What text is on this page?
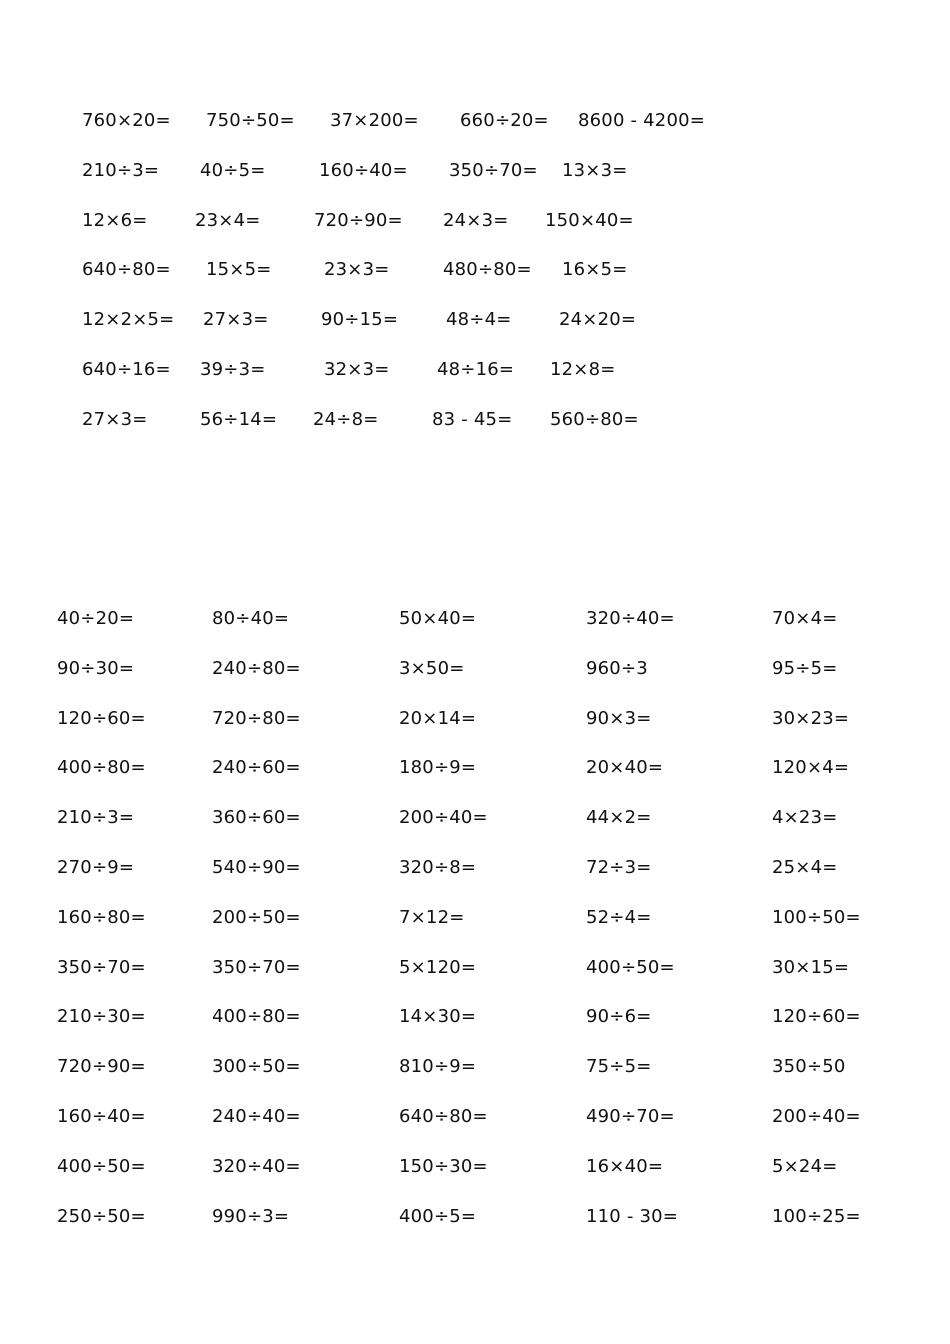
760×20= 750÷50= 37×200= 660÷20= 8600 - 4200=
210÷3= 40÷5=	160÷40= 350÷70= 13×3=
12×6=	23×4=	720÷90= 24×3= 150×40=
640÷80= 15×5=	23×3=	480÷80= 16×5=
12×2×5= 27×3=	90÷15=	48÷4=	24×20=
640÷16= 39÷3=	32×3=	48÷16= 12×8=
27×3=	56÷14= 24÷8=	83 - 45= 560÷80=
40÷20=	80÷40=	50×40=	320÷40=	70×4=
90÷30=	240÷80=	3×50=	960÷3	95÷5=
120÷60=	720÷80=	20×14=	90×3=	30×23=
400÷80=	240÷60=	180÷9=	20×40=	120×4=
210÷3=	360÷60=	200÷40=	44×2=	4×23=
270÷9=	540÷90=	320÷8=	72÷3=	25×4=
160÷80=	200÷50=	7×12=	52÷4=	100÷50=
350÷70=	350÷70=	5×120=	400÷50=	30×15=
210÷30=	400÷80=	14×30=	90÷6=	120÷60=
720÷90=	300÷50=	810÷9=	75÷5=	350÷50
160÷40=	240÷40=	640÷80=	490÷70=	200÷40=
400÷50=	320÷40=	150÷30=	16×40=	5×24=
250÷50=	990÷3=	400÷5=	110 - 30=	100÷25=
